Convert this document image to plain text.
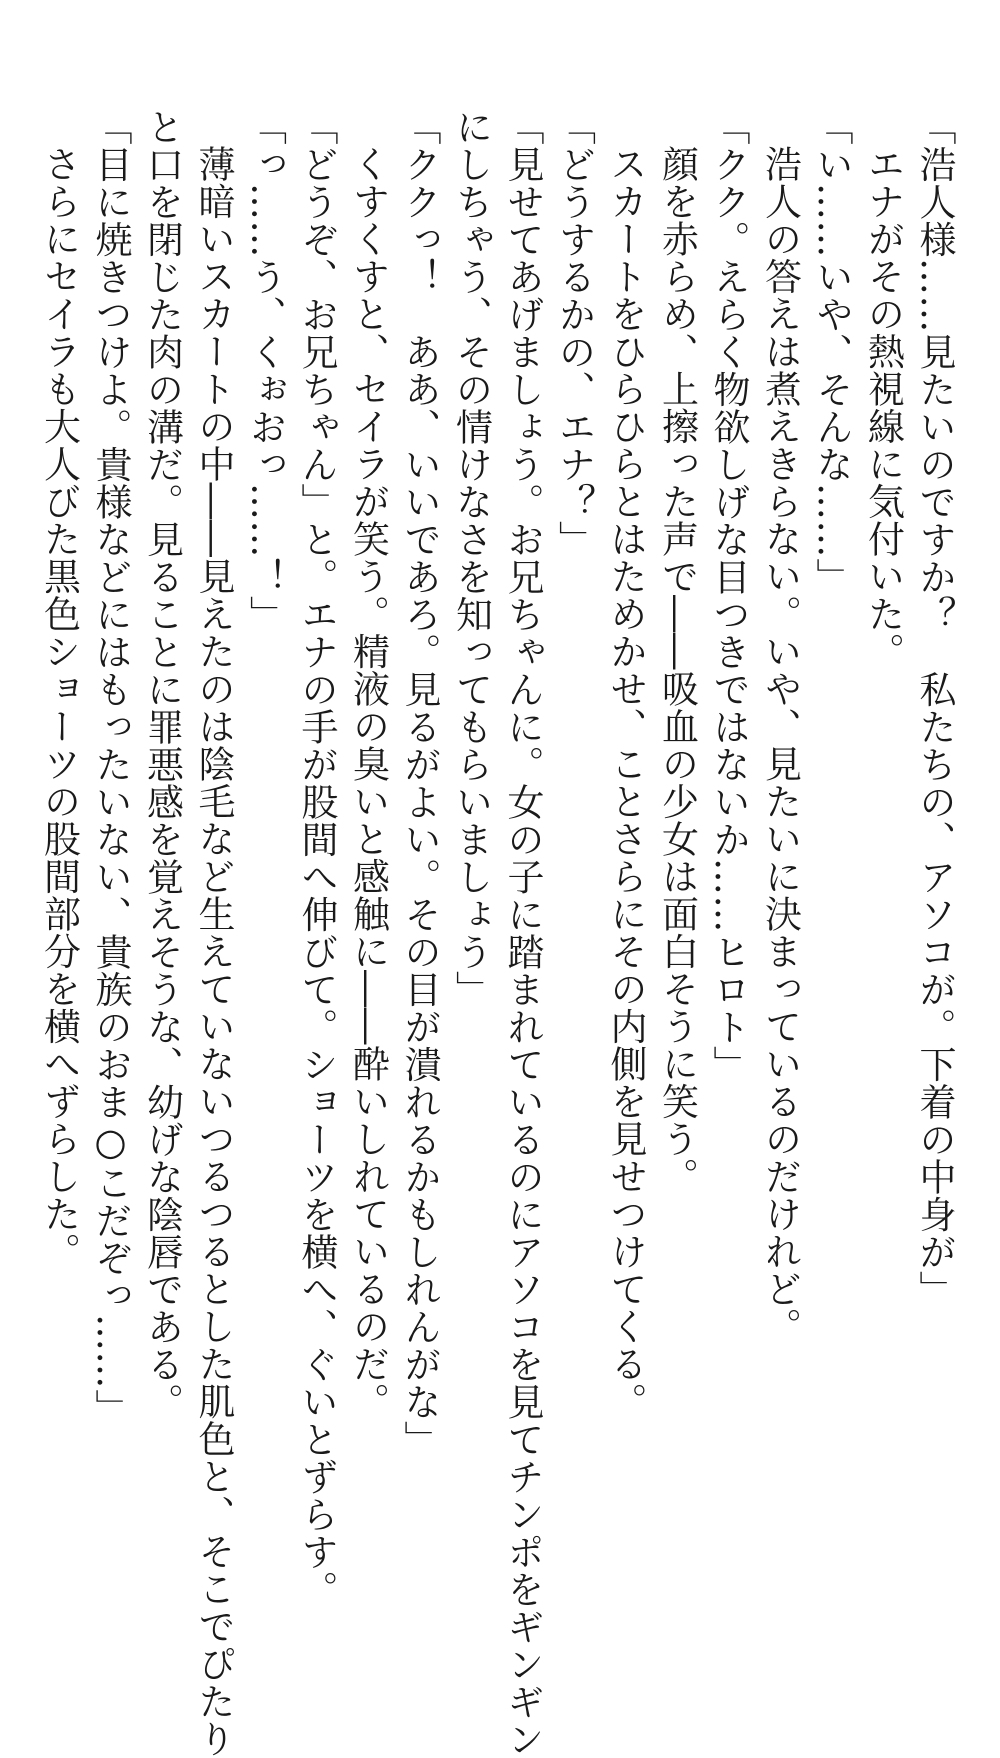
「浩人様……見たいのですか？　私たちの、アソコが。下着の中身が」
エナがその熱視線に気付いた。
「い……いや、そんな……」
浩人の答えは煮えきらない。いや、見たいに決まっているのだけれど。
「クク。えらく物欲しげな目つきではないか……ヒロト」
顔を赤らめ、上擦った声で――吸血の少女は面白そうに笑う。
スカートをひらひらとはためかせ、ことさらにその内側を見せつけてくる。
「どうするかの、エナ？」
「見せてあげましょう。お兄ちゃんに。女の子に踏まれているのにアソコを見てチンポをギンギン
にしちゃう、その情けなさを知ってもらいましょう」
「ククっ！　ああ、いいであろ。見るがよい。その目が潰れるかもしれんがな」
くすくすと、セイラが笑う。精液の臭いと感触に――酔いしれているのだ。
「どうぞ、お兄ちゃん」と。エナの手が股間へ伸びて。ショーツを横へ、ぐいとずらす。
「っ……う、くぉおっ……！」
薄暗いスカートの中――見えたのは陰毛など生えていないつるつるとした肌色と、そこでぴたり
と口を閉じた肉の溝だ。見ることに罪悪感を覚えそうな、幼げな陰唇である。
「目に焼きつけよ。貴様などにはもったいない、貴族のおま○こだぞっ……」
さらにセイラも大人びた黒色ショーツの股間部分を横へずらした。
